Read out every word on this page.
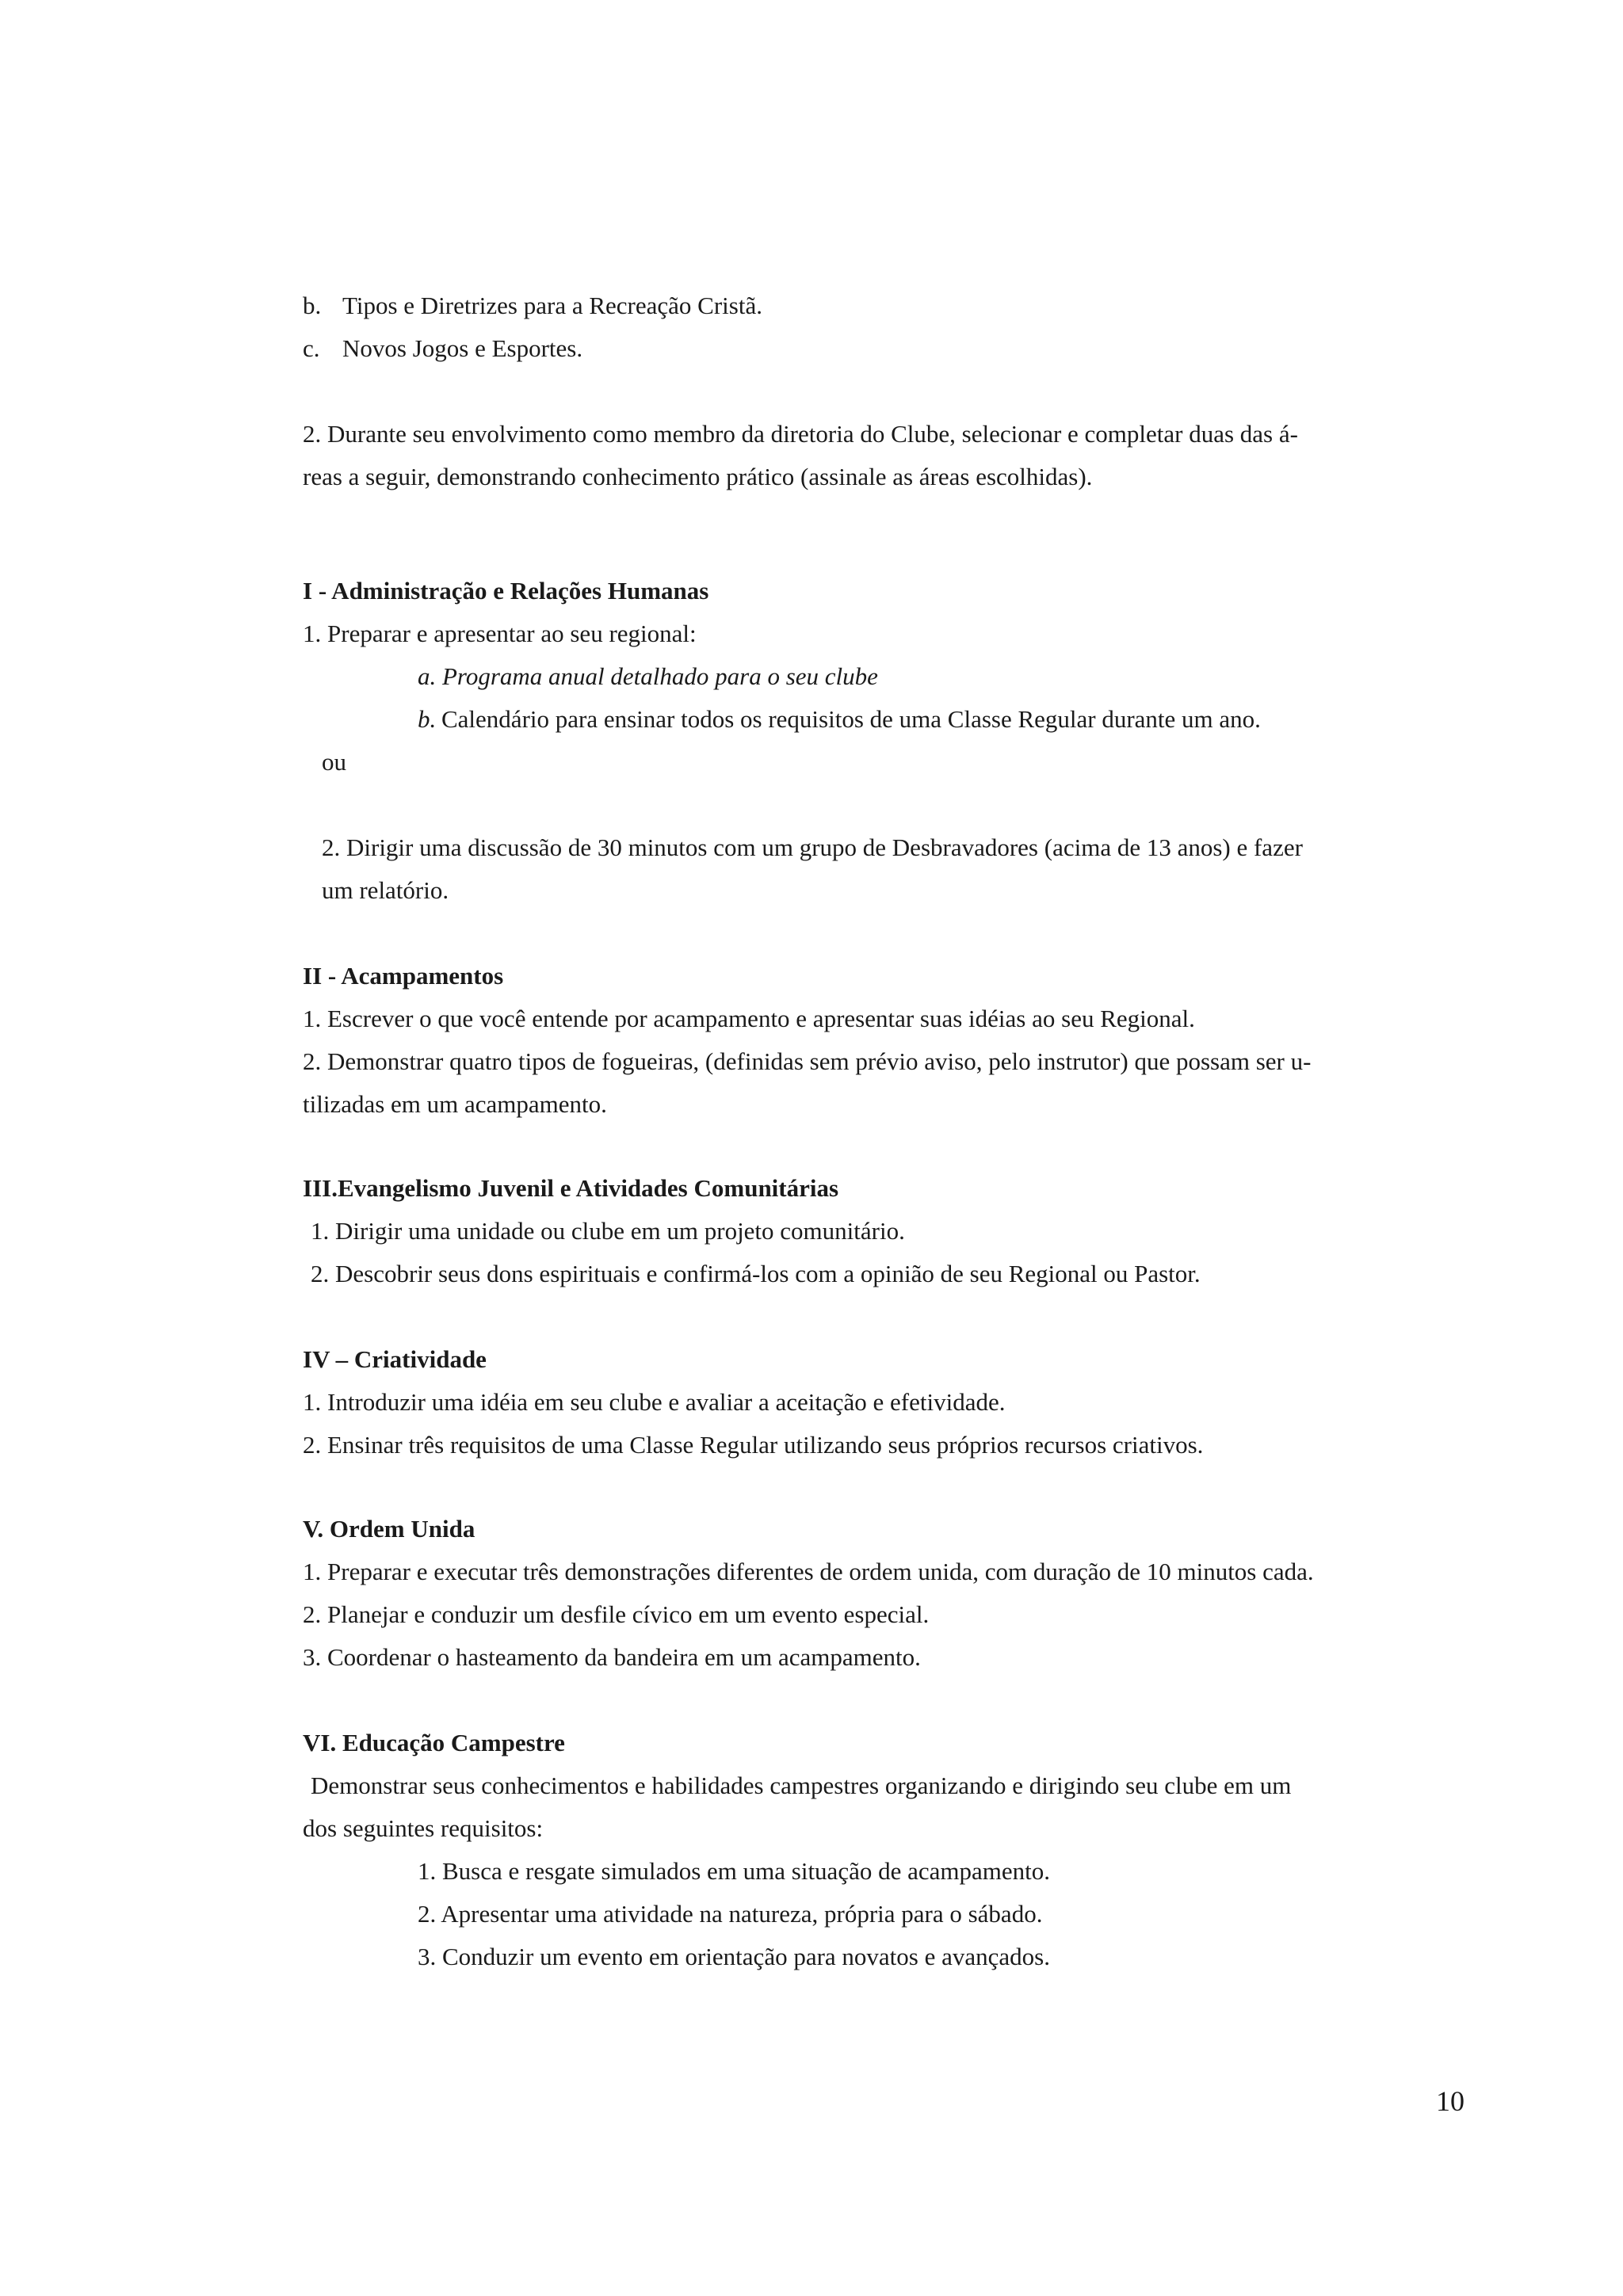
b. Tipos e Diretrizes para a Recreação Cristã.
c. Novos Jogos e Esportes.
2. Durante seu envolvimento como membro da diretoria do Clube, selecionar e completar duas das á-
reas a seguir, demonstrando conhecimento prático (assinale as áreas escolhidas).
I - Administração e Relações Humanas
1. Preparar e apresentar ao seu regional:
a. Programa anual detalhado para o seu clube
b. Calendário para ensinar todos os requisitos de uma Classe Regular durante um ano.
ou
2. Dirigir uma discussão de 30 minutos com um grupo de Desbravadores (acima de 13 anos) e fazer
um relatório.
II - Acampamentos
1. Escrever o que você entende por acampamento e apresentar suas idéias ao seu Regional.
2. Demonstrar quatro tipos de fogueiras, (definidas sem prévio aviso, pelo instrutor) que possam ser u-
tilizadas em um acampamento.
III.Evangelismo Juvenil e Atividades Comunitárias
1. Dirigir uma unidade ou clube em um projeto comunitário.
2. Descobrir seus dons espirituais e confirmá-los com a opinião de seu Regional ou Pastor.
IV – Criatividade
1. Introduzir uma idéia em seu clube e avaliar a aceitação e efetividade.
2. Ensinar três requisitos de uma Classe Regular utilizando seus próprios recursos criativos.
V. Ordem Unida
1. Preparar e executar três demonstrações diferentes de ordem unida, com duração de 10 minutos cada.
2. Planejar e conduzir um desfile cívico em um evento especial.
3. Coordenar o hasteamento da bandeira em um acampamento.
VI. Educação Campestre
Demonstrar seus conhecimentos e habilidades campestres organizando e dirigindo seu clube em um
dos seguintes requisitos:
1. Busca e resgate simulados em uma situação de acampamento.
2. Apresentar uma atividade na natureza, própria para o sábado.
3. Conduzir um evento em orientação para novatos e avançados.
10
